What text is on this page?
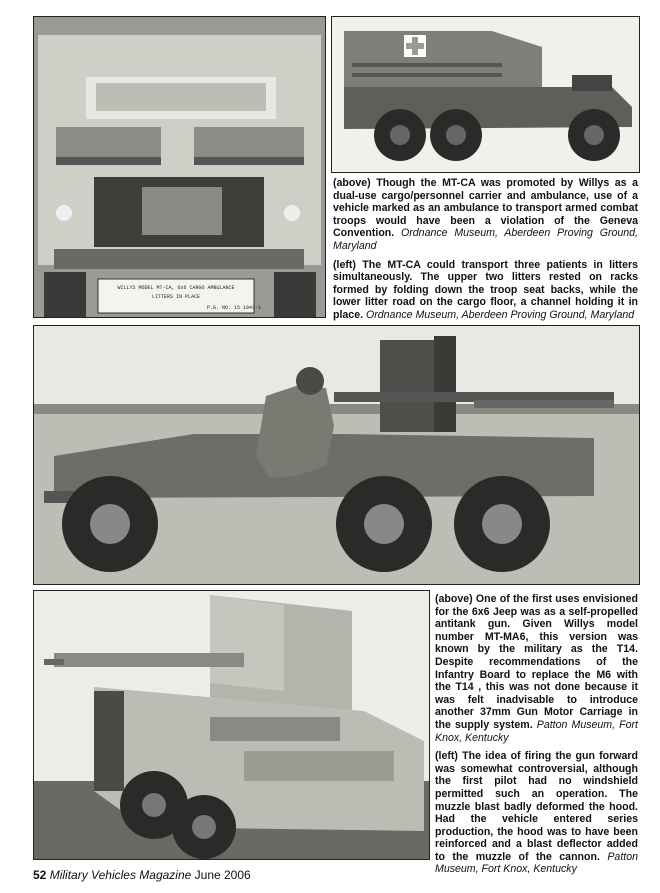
WILLYS MODEL MT-CA, 6x6 CARGO AMBULANCE
LITTERS IN PLACE
P.G. NO. 15 1943-1

(above) Though the MT-CA was promoted by Willys as a dual-use cargo/personnel carrier and ambulance, use of a vehicle marked as an ambulance to transport armed combat troops would have been a violation of the Geneva Convention. Ordnance Museum, Aberdeen Proving Ground, Maryland

(left) The MT-CA could transport three patients in litters simultaneously. The upper two litters rested on racks formed by folding down the troop seat backs, while the lower litter road on the cargo floor, a channel holding it in place. Ordnance Museum, Aberdeen Proving Ground, Maryland

(above) One of the first uses envisioned for the 6x6 Jeep was as a self-propelled antitank gun. Given Willys model number MT-MA6, this version was known by the military as the T14. Despite recommendations of the Infantry Board to replace the M6 with the T14 , this was not done because it was felt inadvisable to introduce another 37mm Gun Motor Carriage in the supply system. Patton Museum, Fort Knox, Kentucky

(left) The idea of firing the gun forward was somewhat controversial, although the first pilot had no windshield permitted such an operation. The muzzle blast badly deformed the hood. Had the vehicle entered series production, the hood was to have been reinforced and a blast deflector added to the muzzle of the cannon. Patton Museum, Fort Knox, Kentucky

52 Military Vehicles Magazine June 2006
